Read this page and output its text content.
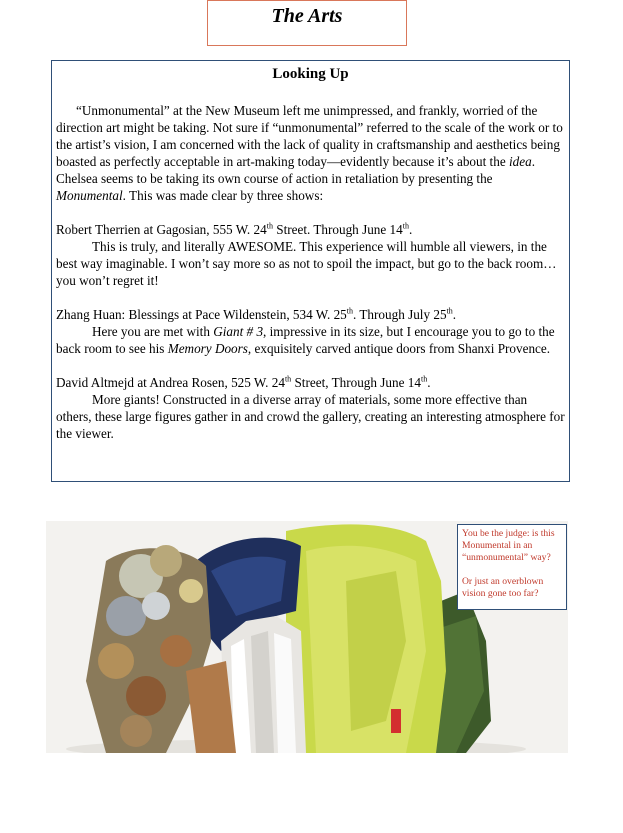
The Arts
Looking Up

“Unmonumental” at the New Museum left me unimpressed, and frankly, worried of the direction art might be taking. Not sure if “unmonumental” referred to the scale of the work or to the artist’s vision, I am concerned with the lack of quality in craftsmanship and aesthetics being boasted as perfectly acceptable in art-making today—evidently because it’s about the idea. Chelsea seems to be taking its own course of action in retaliation by presenting the Monumental. This was made clear by three shows:

Robert Therrien at Gagosian, 555 W. 24th Street. Through June 14th.

This is truly, and literally AWESOME. This experience will humble all viewers, in the best way imaginable. I won’t say more so as not to spoil the impact, but go to the back room…you won’t regret it!

Zhang Huan: Blessings at Pace Wildenstein, 534 W. 25th. Through July 25th.

Here you are met with Giant # 3, impressive in its size, but I encourage you to go to the back room to see his Memory Doors, exquisitely carved antique doors from Shanxi Provence.

David Altmejd at Andrea Rosen, 525 W. 24th Street, Through June 14th.

More giants! Constructed in a diverse array of materials, some more effective than others, these large figures gather in and crowd the gallery, creating an interesting atmosphere for the viewer.

You be the judge: is this Monumental in an “unmonumental” way?

Or just an overblown vision gone too far?
